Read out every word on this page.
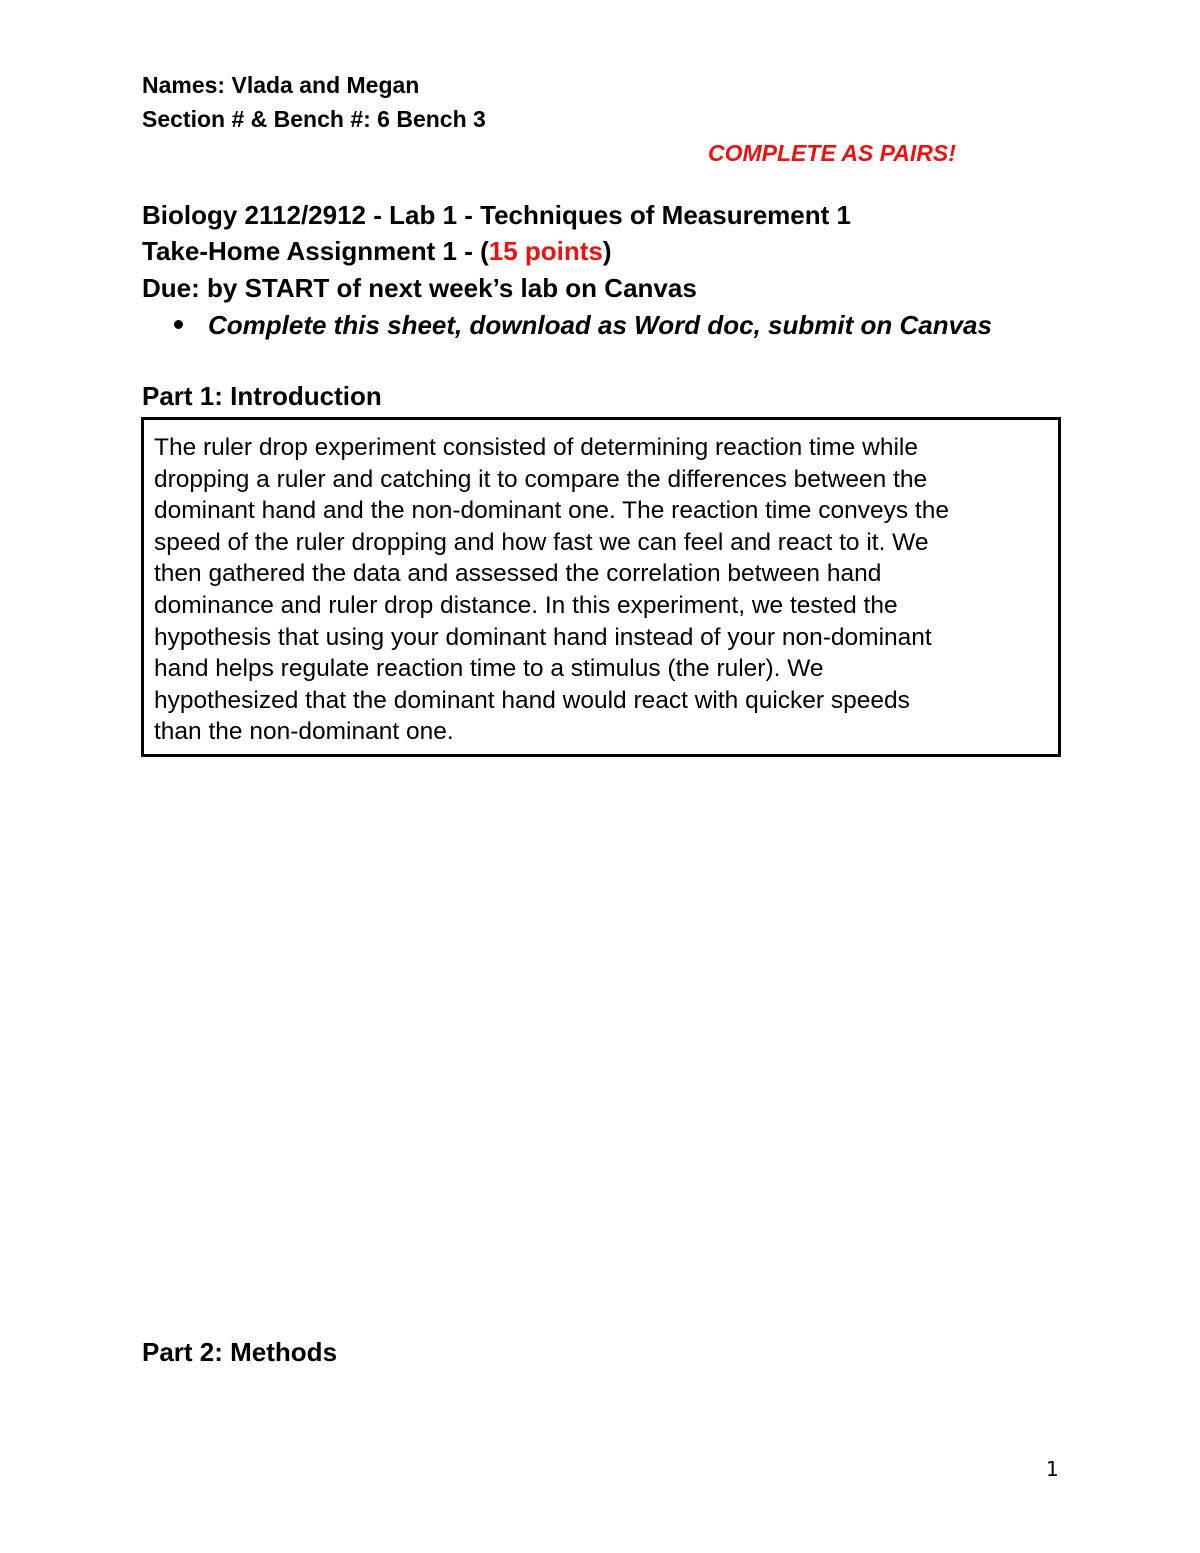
Names: Vlada and Megan
Section # & Bench #: 6 Bench 3
COMPLETE AS PAIRS!
Biology 2112/2912 - Lab 1 - Techniques of Measurement 1
Take-Home Assignment 1 - (15 points)
Due: by START of next week’s lab on Canvas
Complete this sheet, download as Word doc, submit on Canvas
Part 1: Introduction
The ruler drop experiment consisted of determining reaction time while
dropping a ruler and catching it to compare the differences between the
dominant hand and the non-dominant one. The reaction time conveys the
speed of the ruler dropping and how fast we can feel and react to it. We
then gathered the data and assessed the correlation between hand
dominance and ruler drop distance. In this experiment, we tested the
hypothesis that using your dominant hand instead of your non-dominant
hand helps regulate reaction time to a stimulus (the ruler). We
hypothesized that the dominant hand would react with quicker speeds
than the non-dominant one.
Part 2: Methods
1
